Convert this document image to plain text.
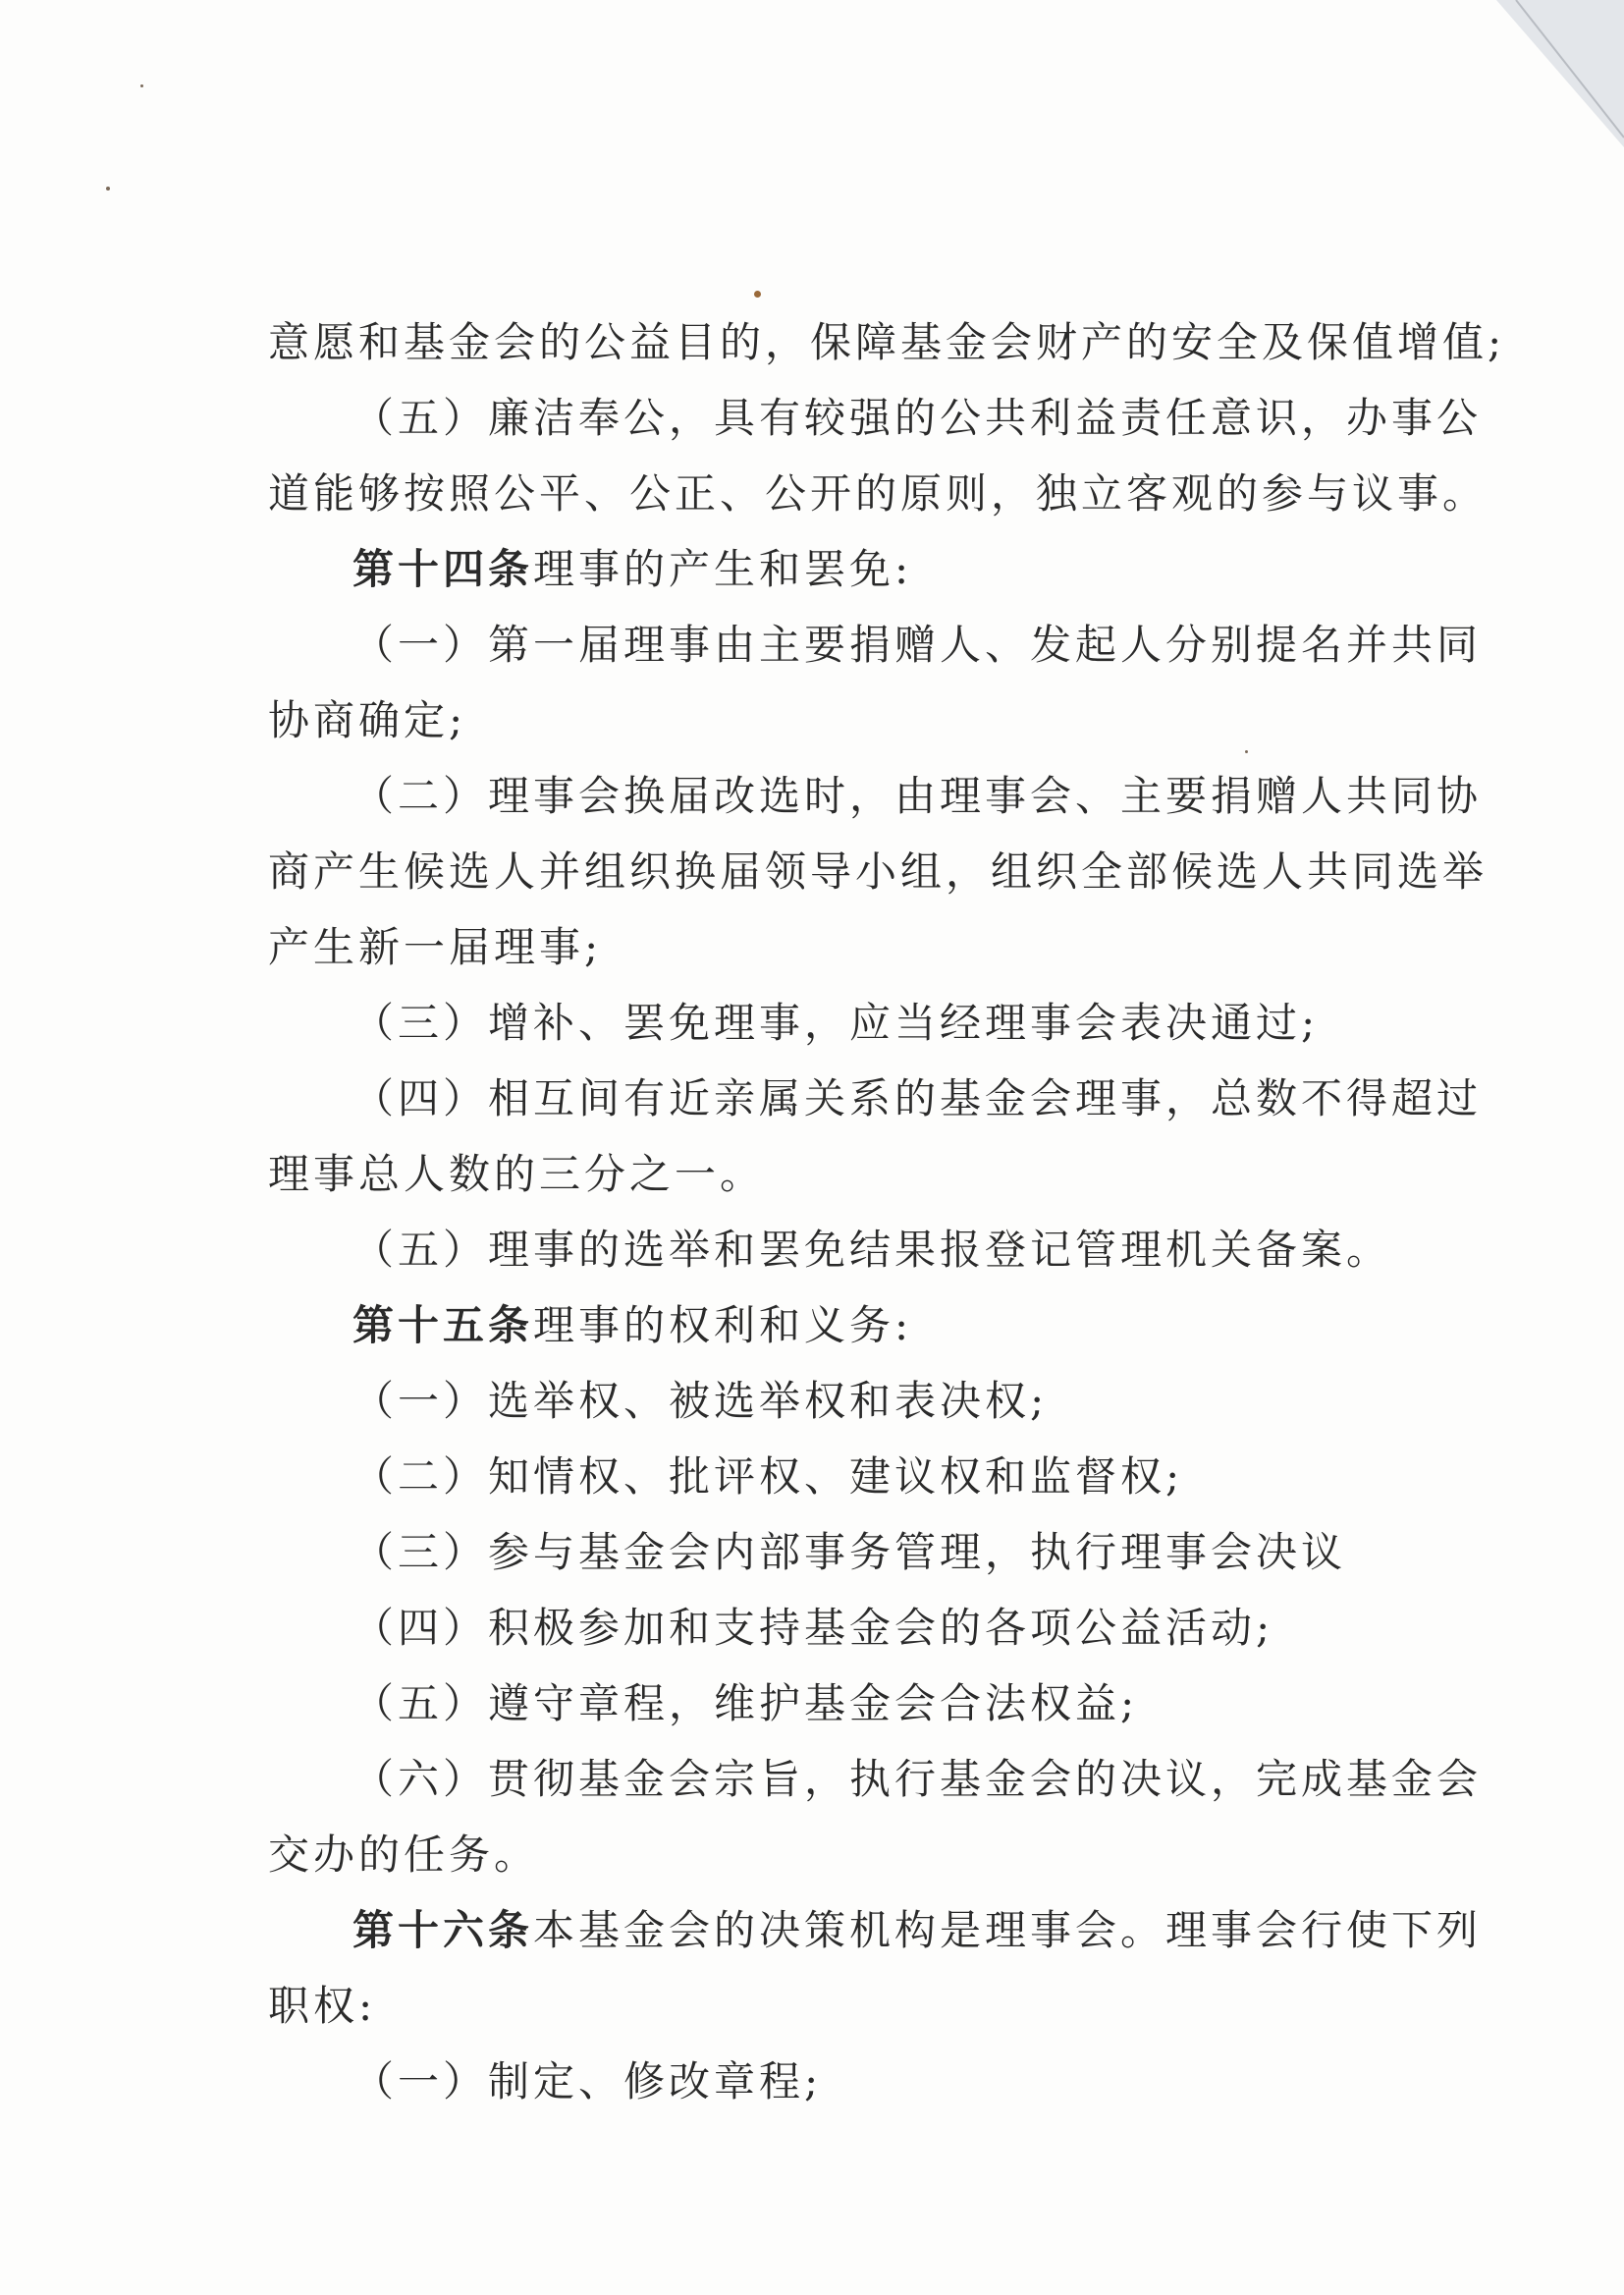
意愿和基金会的公益目的，保障基金会财产的安全及保值增值;
（五）廉洁奉公，具有较强的公共利益责任意识，办事公
道能够按照公平、公正、公开的原则，独立客观的参与议事。
第十四条理事的产生和罢免:
（一）第一届理事由主要捐赠人、发起人分别提名并共同
协商确定;
（二）理事会换届改选时，由理事会、主要捐赠人共同协
商产生候选人并组织换届领导小组，组织全部候选人共同选举
产生新一届理事;
（三）增补、罢免理事，应当经理事会表决通过;
（四）相互间有近亲属关系的基金会理事，总数不得超过
理事总人数的三分之一。
（五）理事的选举和罢免结果报登记管理机关备案。
第十五条理事的权利和义务:
（一）选举权、被选举权和表决权;
（二）知情权、批评权、建议权和监督权;
（三）参与基金会内部事务管理，执行理事会决议
（四）积极参加和支持基金会的各项公益活动;
（五）遵守章程，维护基金会合法权益;
（六）贯彻基金会宗旨，执行基金会的决议，完成基金会
交办的任务。
第十六条本基金会的决策机构是理事会。理事会行使下列
职权:
（一）制定、修改章程;
